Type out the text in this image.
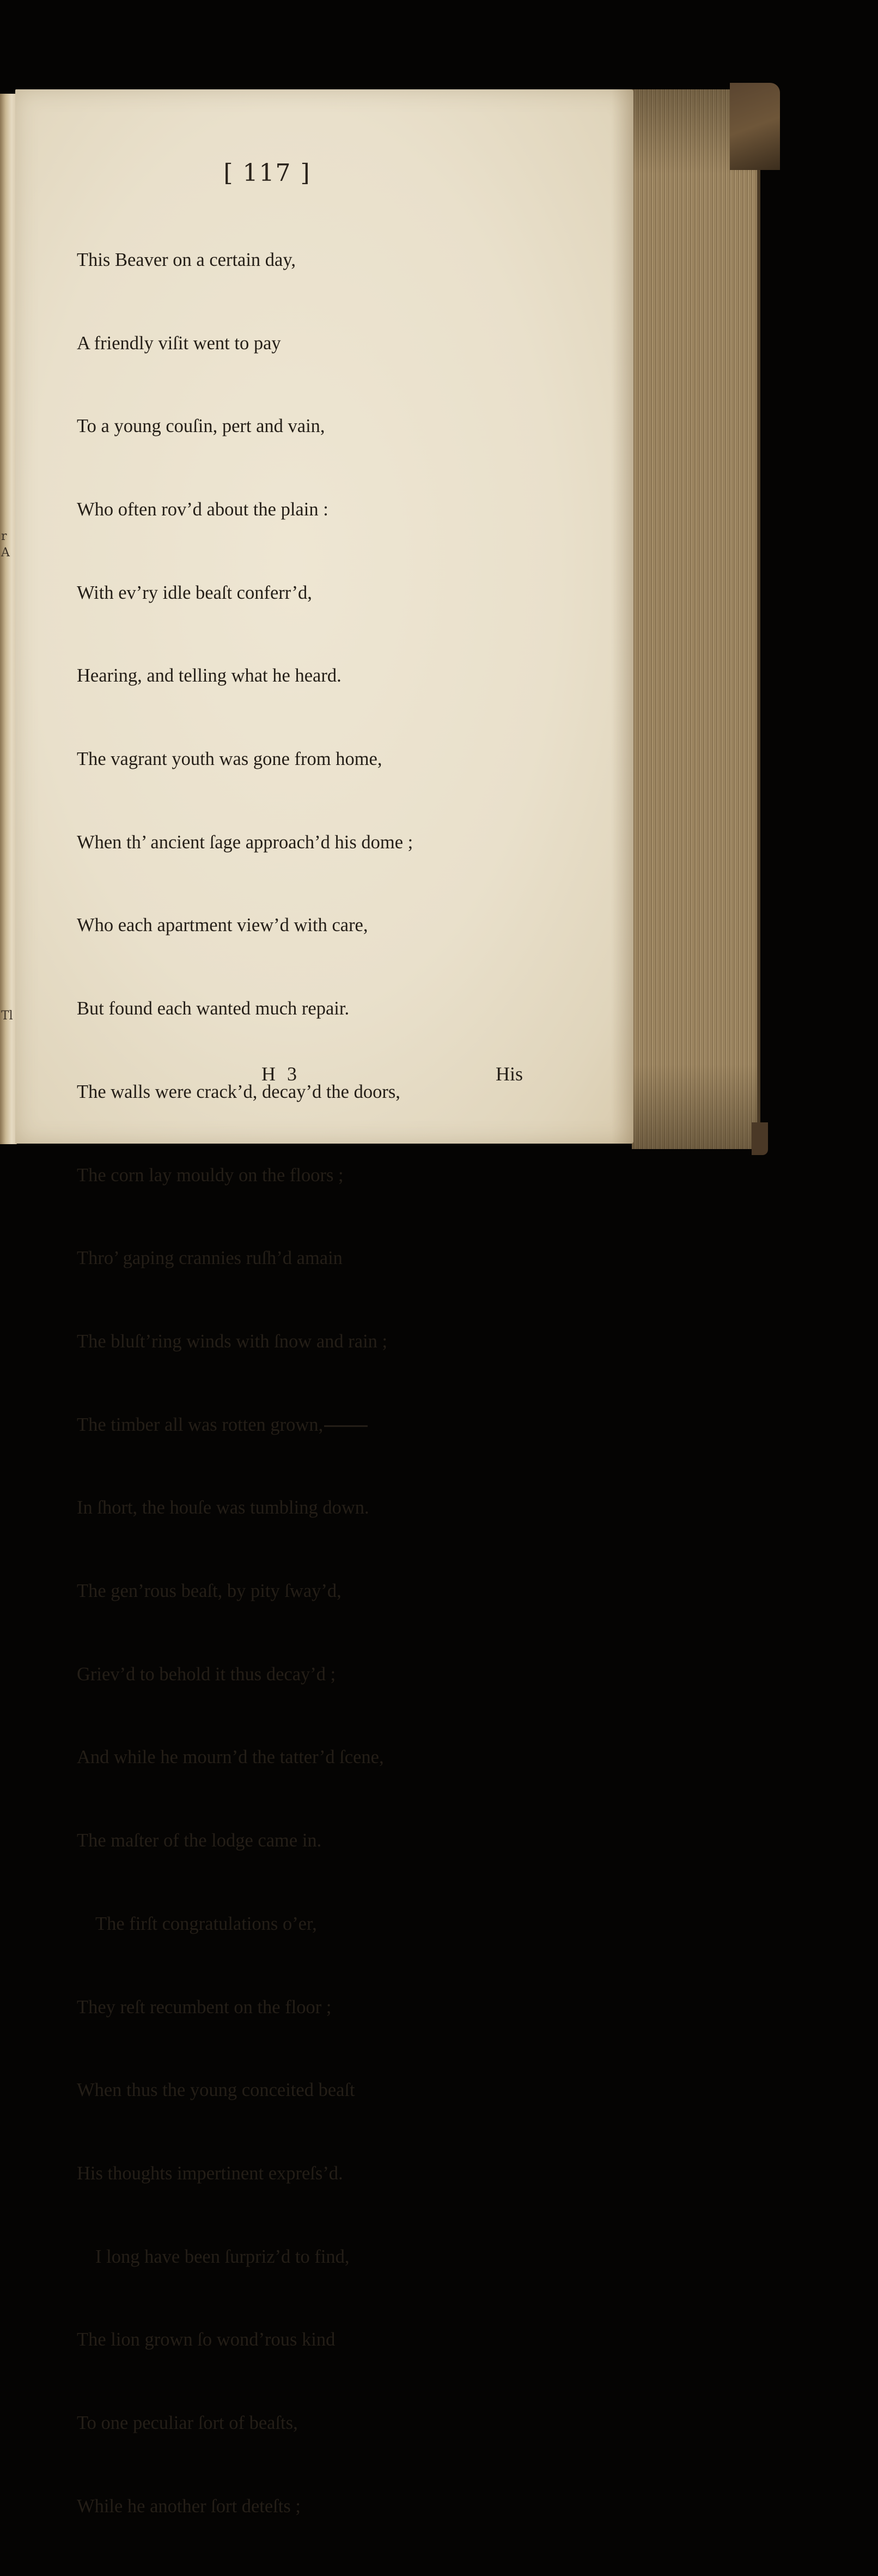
r
A
Tl
[ 117 ]

This Beaver on a certain day,

A friendly viſit went to pay

To a young couſin, pert and vain,

Who often rov’d about the plain :

With ev’ry idle beaſt conferr’d,

Hearing, and telling what he heard.

The vagrant youth was gone from home,

When th’ ancient ſage approach’d his dome ;

Who each apartment view’d with care,

But found each wanted much repair.

The walls were crack’d, decay’d the doors,

The corn lay mouldy on the floors ;

Thro’ gaping crannies ruſh’d amain

The bluſt’ring winds with ſnow and rain ;

The timber all was rotten grown,

In ſhort, the houſe was tumbling down.

The gen’rous beaſt, by pity ſway’d,

Griev’d to behold it thus decay’d ;

And while he mourn’d the tatter’d ſcene,

The maſter of the lodge came in.

The firſt congratulations o’er,

They reſt recumbent on the floor ;

When thus the young conceited beaſt

His thoughts impertinent expreſs’d.

I long have been ſurpriz’d to find,

The lion grown ſo wond’rous kind

To one peculiar ſort of beaſts,

While he another ſort deteſts ;

H 3	His
